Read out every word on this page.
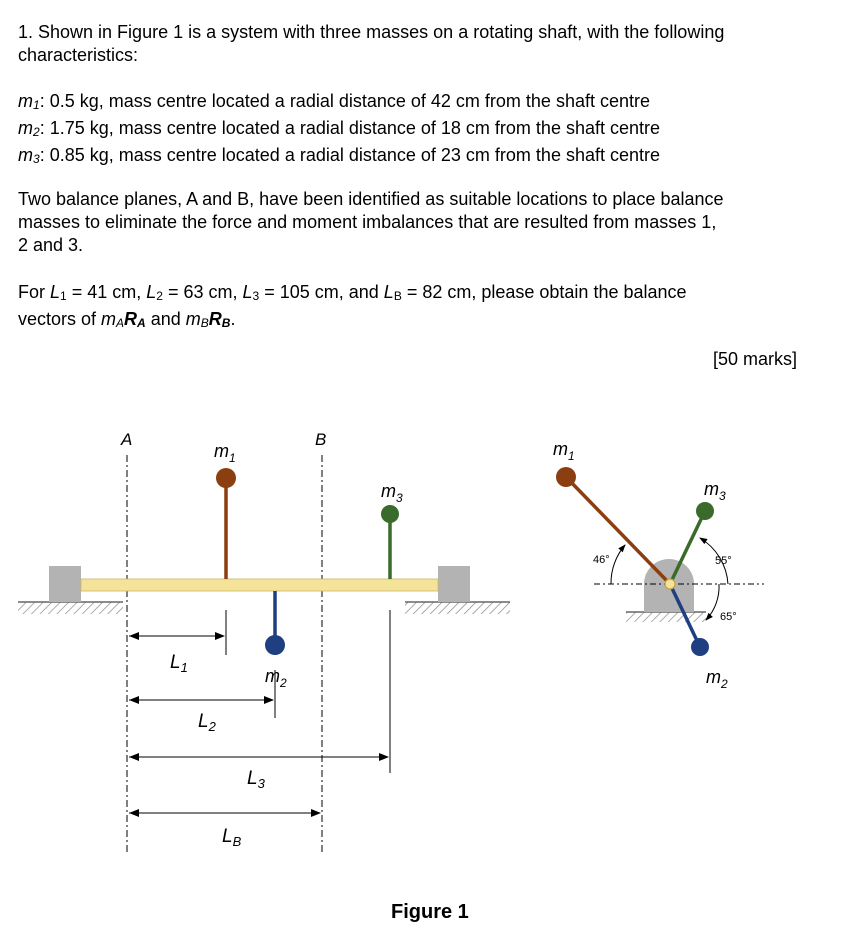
1. Shown in Figure 1 is a system with three masses on a rotating shaft, with the following
characteristics:

m1: 0.5 kg, mass centre located a radial distance of 42 cm from the shaft centre
m2: 1.75 kg, mass centre located a radial distance of 18 cm from the shaft centre
m3: 0.85 kg, mass centre located a radial distance of 23 cm from the shaft centre

Two balance planes, A and B, have been identified as suitable locations to place balance
masses to eliminate the force and moment imbalances that are resulted from masses 1,
2 and 3.

For L1 = 41 cm, L2 = 63 cm, L3 = 105 cm, and LB = 82 cm, please obtain the balance
vectors of mARA and mBRB.

[50 marks]
A	B
$m_1$
$m_2$
$m_3$
$L_1$
$L_2$
$L_3$
$L_B$
Figure 1
$m_1$
$m_3$
$m_2$
46°	55°
65°
